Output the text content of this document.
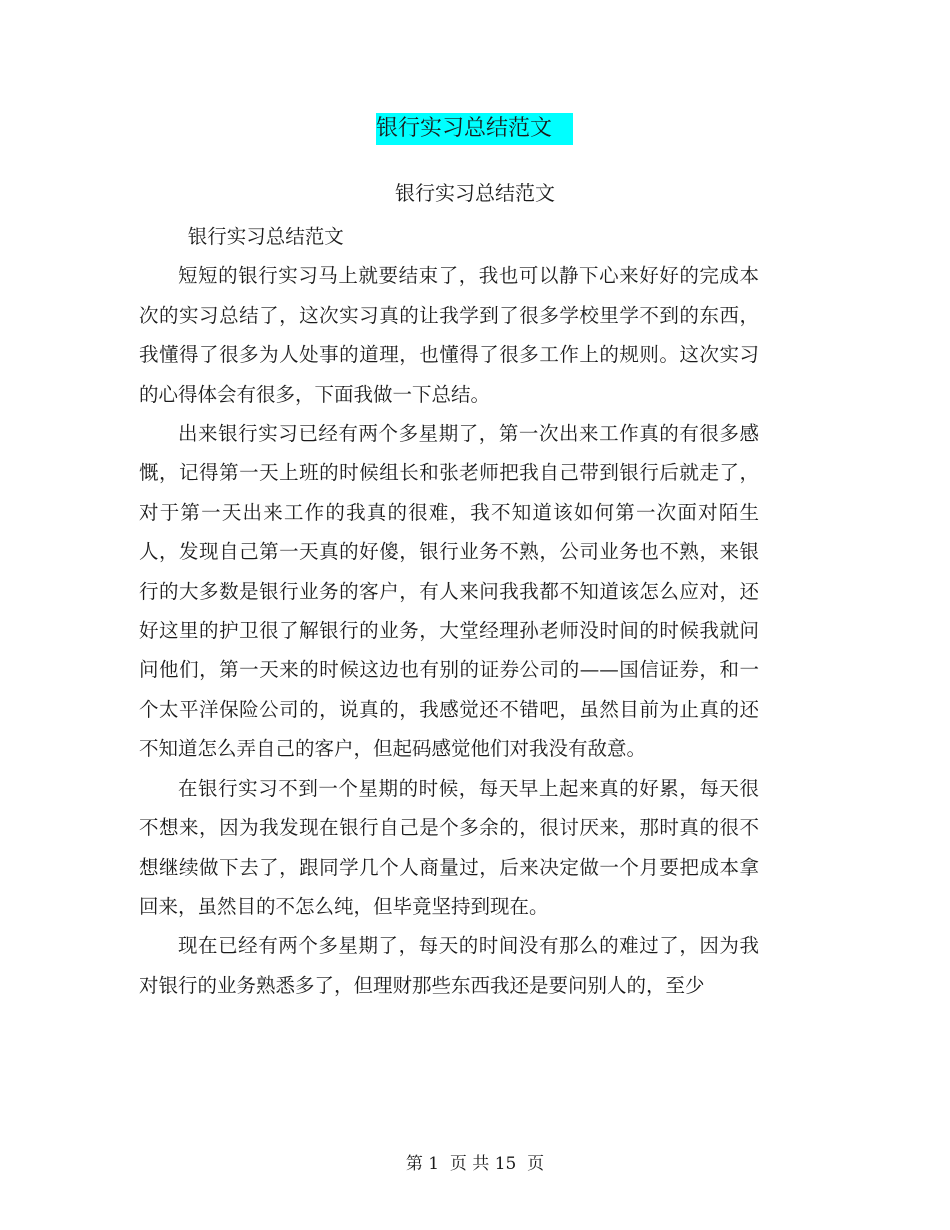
银行实习总结范文
银行实习总结范文

银行实习总结范文

短短的银行实习马上就要结束了，我也可以静下心来好好的完成本次的实习总结了，这次实习真的让我学到了很多学校里学不到的东西，我懂得了很多为人处事的道理，也懂得了很多工作上的规则。这次实习的心得体会有很多，下面我做一下总结。

出来银行实习已经有两个多星期了，第一次出来工作真的有很多感慨，记得第一天上班的时候组长和张老师把我自己带到银行后就走了，对于第一天出来工作的我真的很难，我不知道该如何第一次面对陌生人，发现自己第一天真的好傻，银行业务不熟，公司业务也不熟，来银行的大多数是银行业务的客户，有人来问我我都不知道该怎么应对，还好这里的护卫很了解银行的业务，大堂经理孙老师没时间的时候我就问问他们，第一天来的时候这边也有别的证券公司的——国信证券，和一个太平洋保险公司的，说真的，我感觉还不错吧，虽然目前为止真的还不知道怎么弄自己的客户，但起码感觉他们对我没有敌意。

在银行实习不到一个星期的时候，每天早上起来真的好累，每天很不想来，因为我发现在银行自己是个多余的，很讨厌来，那时真的很不想继续做下去了，跟同学几个人商量过，后来决定做一个月要把成本拿回来，虽然目的不怎么纯，但毕竟坚持到现在。

现在已经有两个多星期了，每天的时间没有那么的难过了，因为我对银行的业务熟悉多了，但理财那些东西我还是要问别人的，至少

第 1  页 共 15  页
